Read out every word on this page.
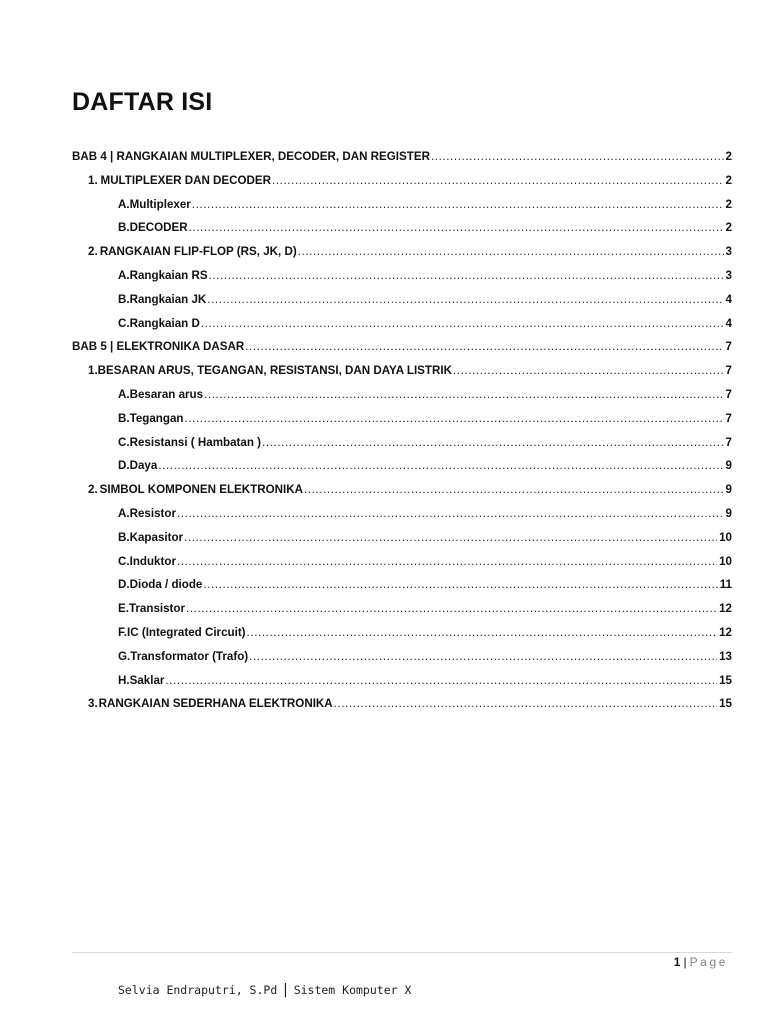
DAFTAR ISI
BAB 4 | RANGKAIAN MULTIPLEXER, DECODER, DAN REGISTER .....	2
1. MULTIPLEXER DAN DECODER .....	2
A. Multiplexer .....	2
B. DECODER .....	2
2. RANGKAIAN FLIP-FLOP (RS, JK, D) .....	3
A. Rangkaian RS .....	3
B. Rangkaian JK .....	4
C. Rangkaian D .....	4
BAB 5 | ELEKTRONIKA DASAR .....	7
1. BESARAN ARUS, TEGANGAN, RESISTANSI, DAN DAYA LISTRIK .....	7
A. Besaran arus .....	7
B. Tegangan .....	7
C. Resistansi ( Hambatan ) .....	7
D. Daya .....	9
2. SIMBOL KOMPONEN ELEKTRONIKA .....	9
A. Resistor .....	9
B. Kapasitor .....	10
C. Induktor .....	10
D. Dioda / diode .....	11
E.Transistor .....	12
F.IC (Integrated Circuit) .....	12
G. Transformator (Trafo) .....	13
H. Saklar .....	15
3. RANGKAIAN SEDERHANA ELEKTRONIKA .....	15
1 | Page
Selvia Endraputri, S.Pd | Sistem Komputer X
